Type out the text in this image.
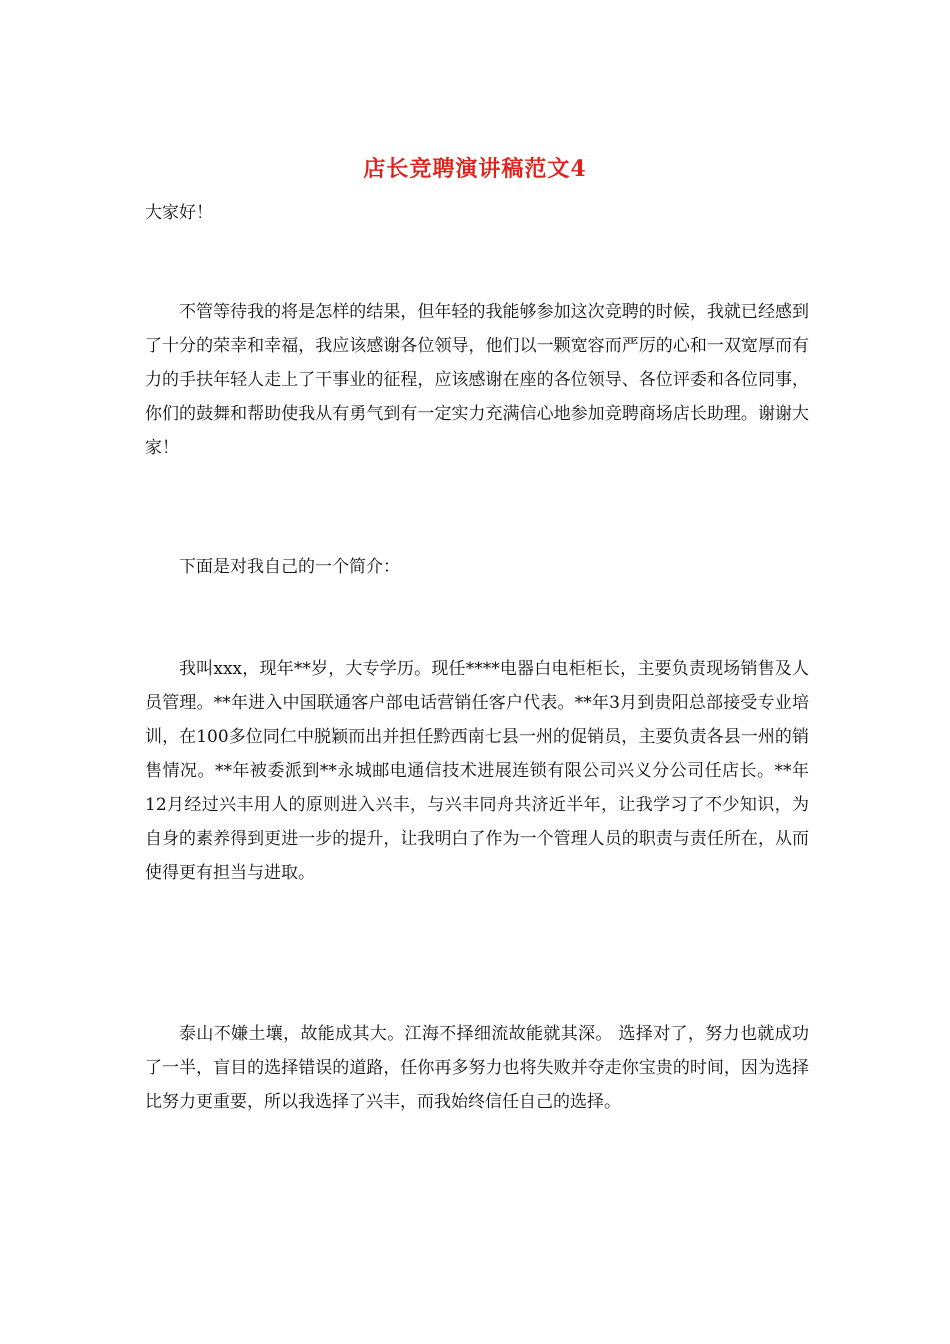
店长竞聘演讲稿范文4
大家好！

不管等待我的将是怎样的结果，但年轻的我能够参加这次竞聘的时候，我就已经感到了十分的荣幸和幸福，我应该感谢各位领导，他们以一颗宽容而严厉的心和一双宽厚而有力的手扶年轻人走上了干事业的征程，应该感谢在座的各位领导、各位评委和各位同事，你们的鼓舞和帮助使我从有勇气到有一定实力充满信心地参加竞聘商场店长助理。谢谢大家！

下面是对我自己的一个简介：

我叫xxx，现年**岁，大专学历。现任****电器白电柜柜长，主要负责现场销售及人员管理。**年进入中国联通客户部电话营销任客户代表。**年3月到贵阳总部接受专业培训，在100多位同仁中脱颖而出并担任黔西南七县一州的促销员，主要负责各县一州的销售情况。**年被委派到**永城邮电通信技术进展连锁有限公司兴义分公司任店长。**年12月经过兴丰用人的原则进入兴丰，与兴丰同舟共济近半年，让我学习了不少知识，为自身的素养得到更进一步的提升，让我明白了作为一个管理人员的职责与责任所在，从而使得更有担当与进取。

泰山不嫌土壤，故能成其大。江海不择细流故能就其深。 选择对了，努力也就成功了一半，盲目的选择错误的道路，任你再多努力也将失败并夺走你宝贵的时间，因为选择比努力更重要，所以我选择了兴丰，而我始终信任自己的选择。
